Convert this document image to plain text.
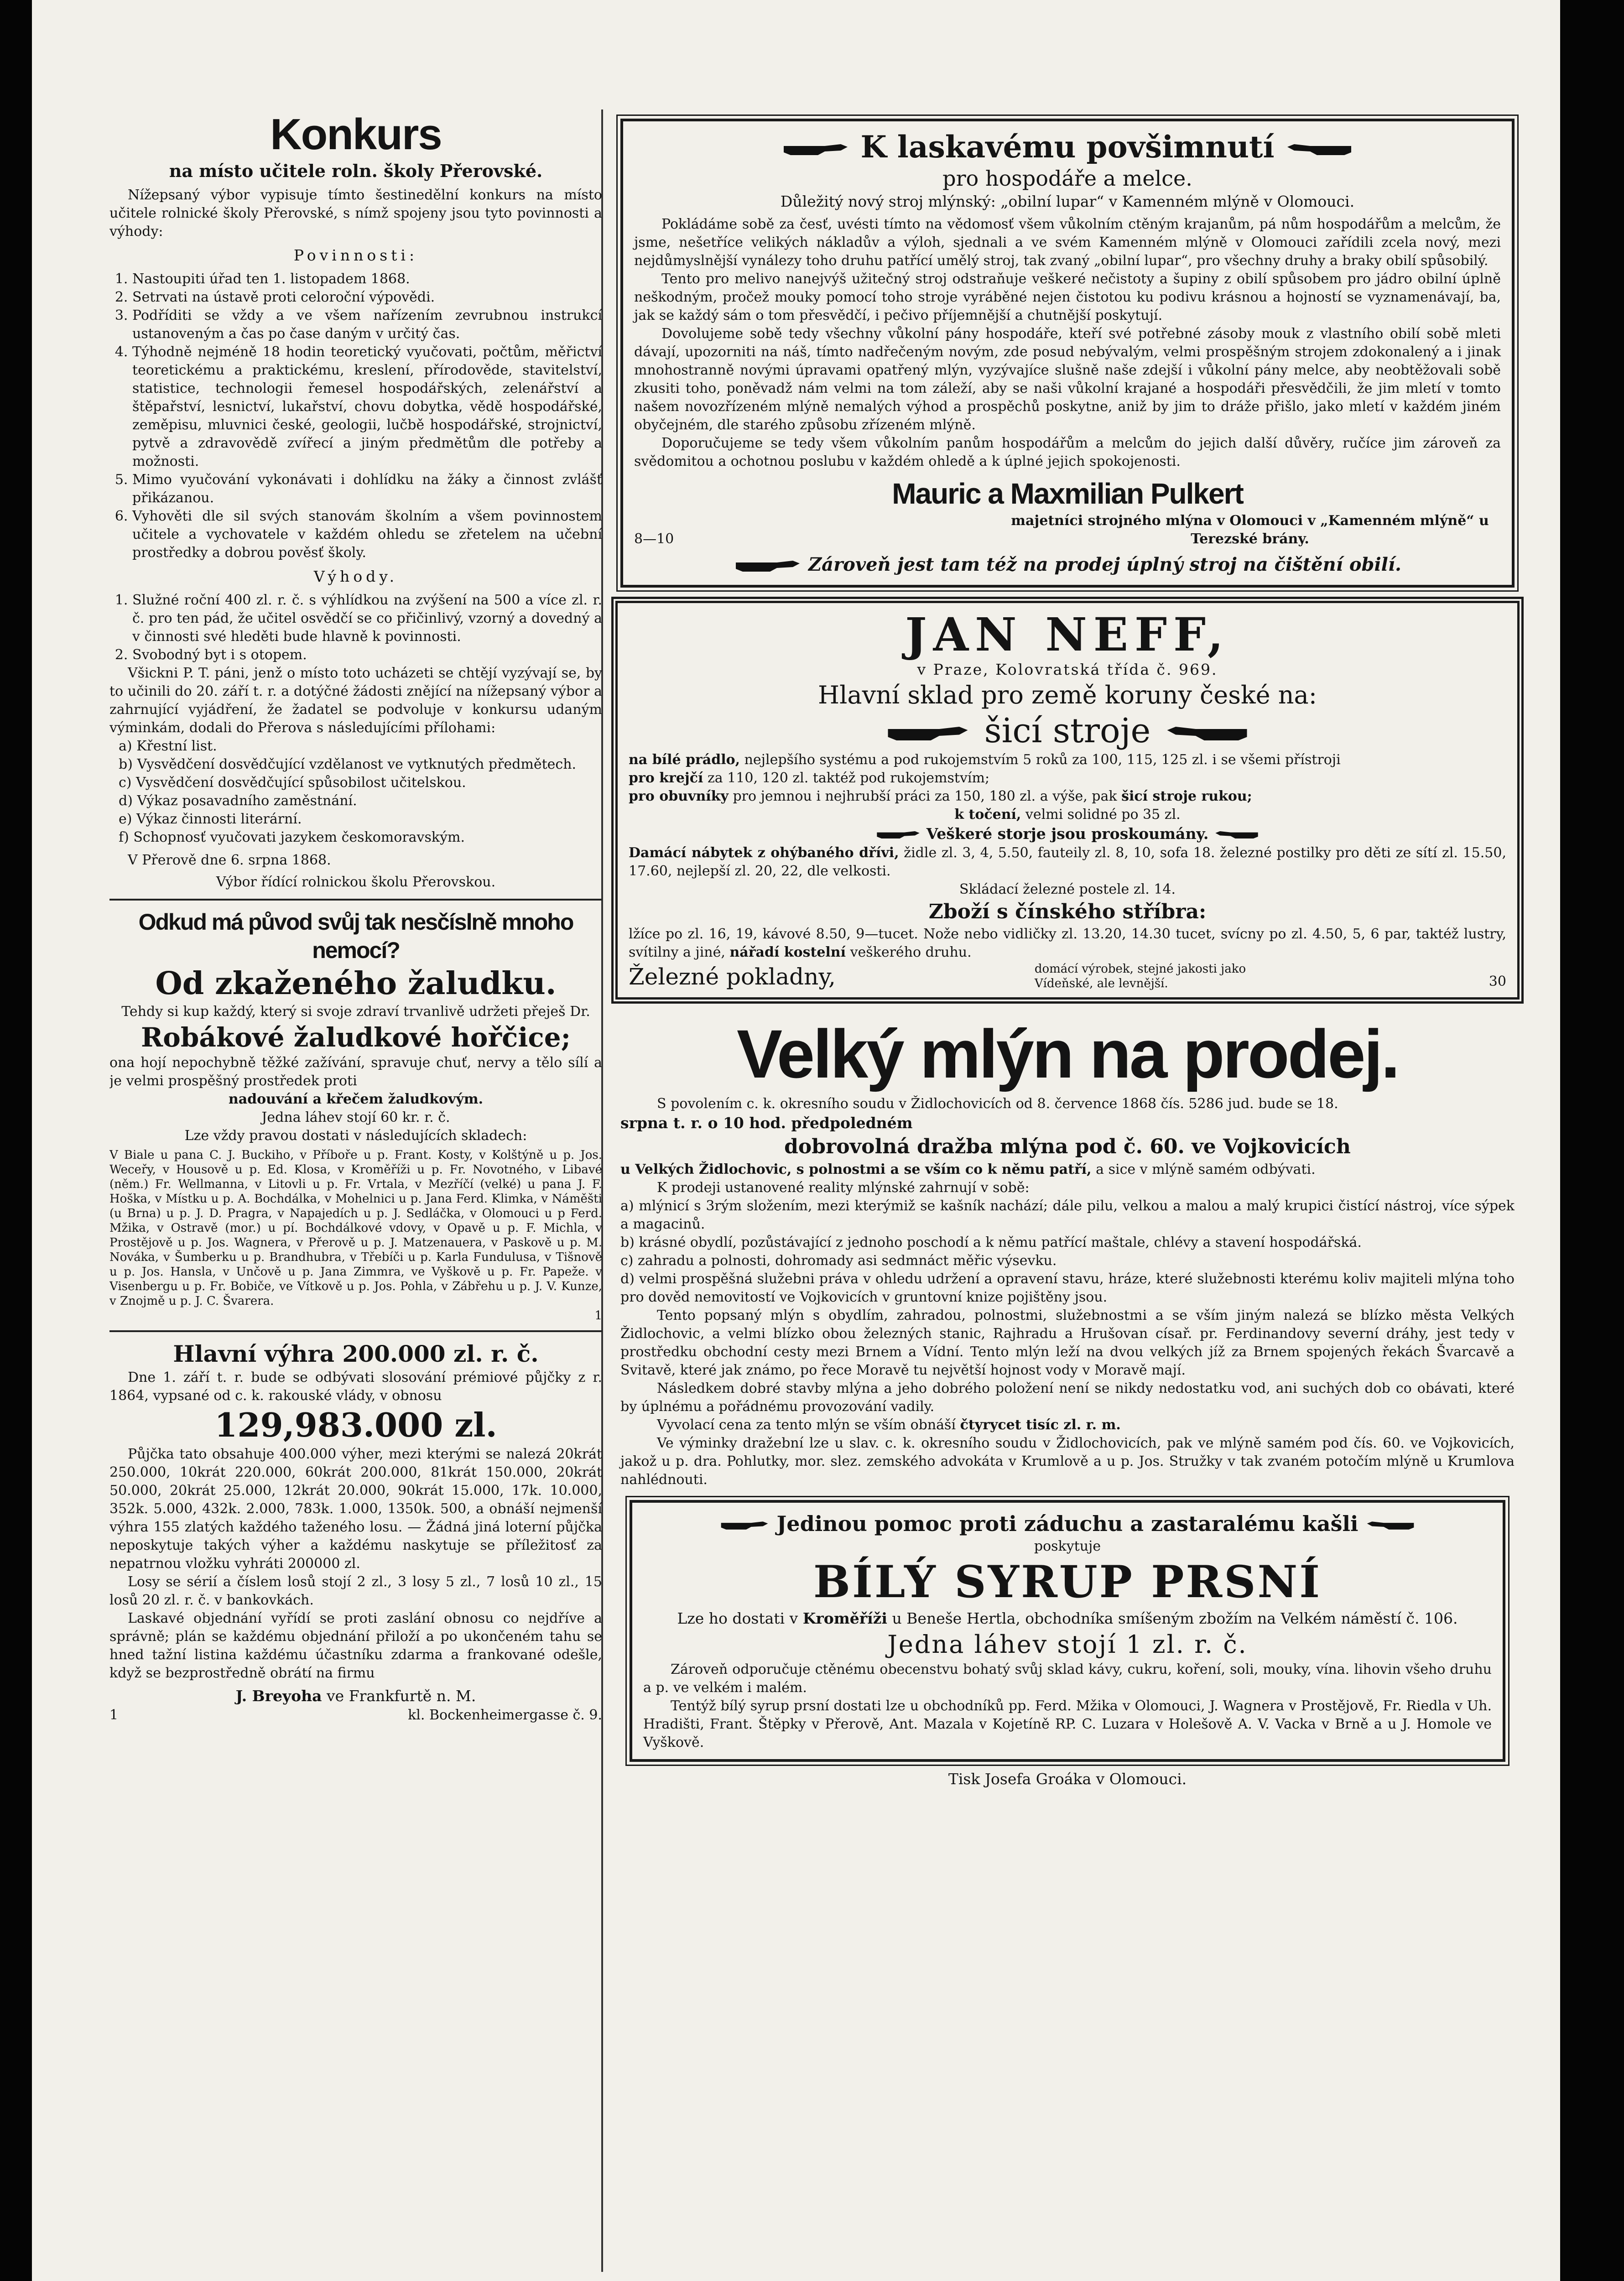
Konkurs

na místo učitele roln. školy Přerovské.

Nížepsaný výbor vypisuje tímto šestinedělní konkurs na místo učitele rolnické školy Přerovské, s nímž spojeny jsou tyto povinnosti a výhody:

Povinnosti:

1. Nastoupiti úřad ten 1. listopadem 1868.
2. Setrvati na ústavě proti celoroční výpovědi.
3. Podříditi se vždy a ve všem nařízením zevrubnou instrukcí ustanoveným a čas po čase daným v určitý čas.
4. Týhodně nejméně 18 hodin teoretický vyučovati, počtům, měřictví teoretickému a praktickému, kreslení, přírodověde, stavitelství, statistice, technologii řemesel hospodářských, zelenářství a štěpařství, lesnictví, lukařství, chovu dobytka, vědě hospodářské, zeměpisu, mluvnici české, geologii, lučbě hospodářské, strojnictví, pytvě a zdravovědě zvířecí a jiným předmětům dle potřeby a možnosti.
5. Mimo vyučování vykonávati i dohlídku na žáky a činnost zvlášť přikázanou.
6. Vyhověti dle sil svých stanovám školním a všem povinnostem učitele a vychovatele v každém ohledu se zřetelem na učební prostředky a dobrou pověsť školy.

Výhody.

1. Služné roční 400 zl. r. č. s výhlídkou na zvýšení na 500 a více zl. r. č. pro ten pád, že učitel osvědčí se co přičinlivý, vzorný a dovedný a v činnosti své hleděti bude hlavně k povinnosti.
2. Svobodný byt i s otopem.

Všickni P. T. páni, jenž o místo toto ucházeti se chtějí vyzývají se, by to učinili do 20. září t. r. a dotýčné žádosti znějící na nížepsaný výbor a zahrnující vyjádření, že žadatel se podvoluje v konkursu udaným výminkám, dodali do Přerova s následujícími přílohami:

a) Křestní list.

b) Vysvědčení dosvědčující vzdělanost ve vytknutých předmětech.

c) Vysvědčení dosvědčující spůsobilost učitelskou.

d) Výkaz posavadního zaměstnání.

e) Výkaz činnosti literární.

f) Schopnosť vyučovati jazykem českomoravským.

V Přerově dne 6. srpna 1868.

Výbor řídící rolnickou školu Přerovskou.

Odkud má původ svůj tak nesčíslně mnoho nemocí?

Od zkaženého žaludku.

Tehdy si kup každý, který si svoje zdraví trvanlivě udržeti přeješ Dr.

Robákové žaludkové hořčice;

ona hojí nepochybně těžké zažívání, spravuje chuť, nervy a tělo sílí a je velmi prospěšný prostředek proti

nadouvání a křečem žaludkovým.

Jedna láhev stojí 60 kr. r. č.

Lze vždy pravou dostati v následujících skladech:

V Biale u pana C. J. Buckiho, v Příboře u p. Frant. Kosty, v Kolštýně u p. Jos. Weceřy, v Housově u p. Ed. Klosa, v Kroměříži u p. Fr. Novotného, v Libavé (něm.) Fr. Wellmanna, v Litovli u p. Fr. Vrtala, v Mezříčí (velké) u pana J. F. Hoška, v Místku u p. A. Bochdálka, v Mohelnici u p. Jana Ferd. Klimka, v Náměšti (u Brna) u p. J. D. Pragra, v Napajedích u p. J. Sedláčka, v Olomouci u p Ferd. Mžika, v Ostravě (mor.) u pí. Bochdálkové vdovy, v Opavě u p. F. Michla, v Prostějově u p. Jos. Wagnera, v Přerově u p. J. Matzenauera, v Paskově u p. M. Nováka, v Šumberku u p. Brandhubra, v Třebíči u p. Karla Fundulusa, v Tišnově u p. Jos. Hansla, v Unčově u p. Jana Zimmra, ve Vyškově u p. Fr. Papeže. v Visenbergu u p. Fr. Bobiče, ve Vítkově u p. Jos. Pohla, v Zábřehu u p. J. V. Kunze, v Znojmě u p. J. C. Švarera.

1

Hlavní výhra 200.000 zl. r. č.

Dne 1. září t. r. bude se odbývati slosování prémiové půjčky z r. 1864, vypsané od c. k. rakouské vlády, v obnosu

129,983.000 zl.

Půjčka tato obsahuje 400.000 výher, mezi kterými se nalezá 20krát 250.000, 10krát 220.000, 60krát 200.000, 81krát 150.000, 20krát 50.000, 20krát 25.000, 12krát 20.000, 90krát 15.000, 17k. 10.000, 352k. 5.000, 432k. 2.000, 783k. 1.000, 1350k. 500, a obnáší nejmenší výhra 155 zlatých každého taženého losu. — Žádná jiná loterní půjčka neposkytuje takých výher a každému naskytuje se příležitosť za nepatrnou vložku vyhráti 200000 zl.

Losy se sérií a číslem losů stojí 2 zl., 3 losy 5 zl., 7 losů 10 zl., 15 losů 20 zl. r. č. v bankovkách.

Laskavé objednání vyřídí se proti zaslání obnosu co nejdříve a správně; plán se každému objednání přiloží a po ukončeném tahu se hned tažní listina každému účastníku zdarma a frankované odešle, když se bezprostředně obrátí na firmu

J. Breyoha ve Frankfurtě n. M.

1	kl. Bockenheimergasse č. 9.

K laskavému povšimnutí

pro hospodáře a melce.

Důležitý nový stroj mlýnský: „obilní lupar“ v Kamenném mlýně v Olomouci.

Pokládáme sobě za česť, uvésti tímto na vědomosť všem vůkolním ctěným krajanům, pá nům hospodářům a melcům, že jsme, nešetříce velikých nákladův a výloh, sjednali a ve svém Kamenném mlýně v Olomouci zařídili zcela nový, mezi nejdůmyslnější vynálezy toho druhu patřící umělý stroj, tak zvaný „obilní lupar“, pro všechny druhy a braky obilí spůsobilý.

Tento pro melivo nanejvýš užitečný stroj odstraňuje veškeré nečistoty a šupiny z obilí spůsobem pro jádro obilní úplně neškodným, pročež mouky pomocí toho stroje vyráběné nejen čistotou ku podivu krásnou a hojností se vyznamenávají, ba, jak se každý sám o tom přesvědčí, i pečivo příjemnější a chutnější poskytují.

Dovolujeme sobě tedy všechny vůkolní pány hospodáře, kteří své potřebné zásoby mouk z vlastního obilí sobě mleti dávají, upozorniti na náš, tímto nadřečeným novým, zde posud nebývalým, velmi prospěšným strojem zdokonalený a i jinak mnohostranně novými úpravami opatřený mlýn, vyzývajíce slušně naše zdejší i vůkolní pány melce, aby neobtěžovali sobě zkusiti toho, poněvadž nám velmi na tom záleží, aby se naši vůkolní krajané a hospodáři přesvědčili, že jim mletí v tomto našem novozřízeném mlýně nemalých výhod a prospěchů poskytne, aniž by jim to dráže přišlo, jako mletí v každém jiném obyčejném, dle starého způsobu zřízeném mlýně.

Doporučujeme se tedy všem vůkolním panům hospodářům a melcům do jejich další důvěry, ručíce jim zároveň za svědomitou a ochotnou poslubu v každém ohledě a k úplné jejich spokojenosti.

Mauric a Maxmilian Pulkert

8—10
majetníci strojného mlýna v Olomouci v „Kamenném mlýně“ u Terezské brány.

Zároveň jest tam též na prodej úplný stroj na čištění obilí.

JAN NEFF,

v Praze, Kolovratská třída č. 969.

Hlavní sklad pro země koruny české na:

šicí stroje

na bílé prádlo, nejlepšího systému a pod rukojemstvím 5 roků za 100, 115, 125 zl. i se všemi přístroji

pro krejčí za 110, 120 zl. taktéž pod rukojemstvím;

pro obuvníky pro jemnou i nejhrubší práci za 150, 180 zl. a výše, pak šicí stroje rukou;

k točení, velmi solidné po 35 zl.

Veškeré storje jsou proskoumány.

Damácí nábytek z ohýbaného dřívi, židle zl. 3, 4, 5.50, fauteily zl. 8, 10, sofa 18. železné postilky pro děti ze sítí zl. 15.50, 17.60, nejlepší zl. 20, 22, dle velkosti.

Skládací železné postele zl. 14.

Zboží s čínského stříbra:

lžíce po zl. 16, 19, kávové 8.50, 9—tucet. Nože nebo vidličky zl. 13.20, 14.30 tucet, svícny po zl. 4.50, 5, 6 par, taktéž lustry, svítilny a jiné, nářadí kostelní veškerého druhu.

Železné pokladny,	domácí výrobek, stejné jakosti jako Vídeňské, ale levnější.	30

Velký mlýn na prodej.

S povolením c. k. okresního soudu v Židlochovicích od 8. července 1868 čís. 5286 jud. bude se 18.

srpna t. r. o 10 hod. předpoledném

dobrovolná dražba mlýna pod č. 60. ve Vojkovicích

u Velkých Židlochovic, s polnostmi a se vším co k němu patří, a sice v mlýně samém odbývati.

K prodeji ustanovené reality mlýnské zahrnují v sobě:

a) mlýnicí s 3rým složením, mezi kterýmiž se kašník nachází; dále pilu, velkou a malou a malý krupici čistící nástroj, více sýpek a magacinů.

b) krásné obydlí, pozůstávající z jednoho poschodí a k němu patřící maštale, chlévy a stavení hospodářská.

c) zahradu a polnosti, dohromady asi sedmnáct měřic výsevku.

d) velmi prospěšná služebni práva v ohledu udržení a opravení stavu, hráze, které služebnosti kterému koliv majiteli mlýna toho pro dověd nemovitostí ve Vojkovicích v gruntovní knize pojištěny jsou.

Tento popsaný mlýn s obydlím, zahradou, polnostmi, služebnostmi a se vším jiným nalezá se blízko města Velkých Židlochovic, a velmi blízko obou železných stanic, Rajhradu a Hrušovan císař. pr. Ferdinandovy severní dráhy, jest tedy v prostředku obchodní cesty mezi Brnem a Vídní. Tento mlýn leží na dvou velkých jíž za Brnem spojených řekách Švarcavě a Svitavě, které jak známo, po řece Moravě tu největší hojnost vody v Moravě mají.

Následkem dobré stavby mlýna a jeho dobrého položení není se nikdy nedostatku vod, ani suchých dob co obávati, které by úplnému a pořádnému provozování vadily.

Vyvolací cena za tento mlýn se vším obnáší čtyrycet tisíc zl. r. m.

Ve výminky dražební lze u slav. c. k. okresního soudu v Židlochovicích, pak ve mlýně samém pod čís. 60. ve Vojkovicích, jakož u p. dra. Pohlutky, mor. slez. zemského advokáta v Krumlově a u p. Jos. Stružky v tak zvaném potočím mlýně u Krumlova nahlédnouti.

Jedinou pomoc proti záduchu a zastaralému kašli

poskytuje

BÍLÝ SYRUP PRSNÍ

Lze ho dostati v Kroměříži u Beneše Hertla, obchodníka smíšeným zbožím na Velkém náměstí č. 106.

Jedna láhev stojí 1 zl. r. č.

Zároveň odporučuje ctěnému obecenstvu bohatý svůj sklad kávy, cukru, koření, soli, mouky, vína. lihovin všeho druhu a p. ve velkém i malém.

Tentýž bílý syrup prsní dostati lze u obchodníků pp. Ferd. Mžika v Olomouci, J. Wagnera v Prostějově, Fr. Riedla v Uh. Hradišti, Frant. Štěpky v Přerově, Ant. Mazala v Kojetíně RP. C. Luzara v Holešově A. V. Vacka v Brně a u J. Homole ve Vyškově.

Tisk Josefa Groáka v Olomouci.
